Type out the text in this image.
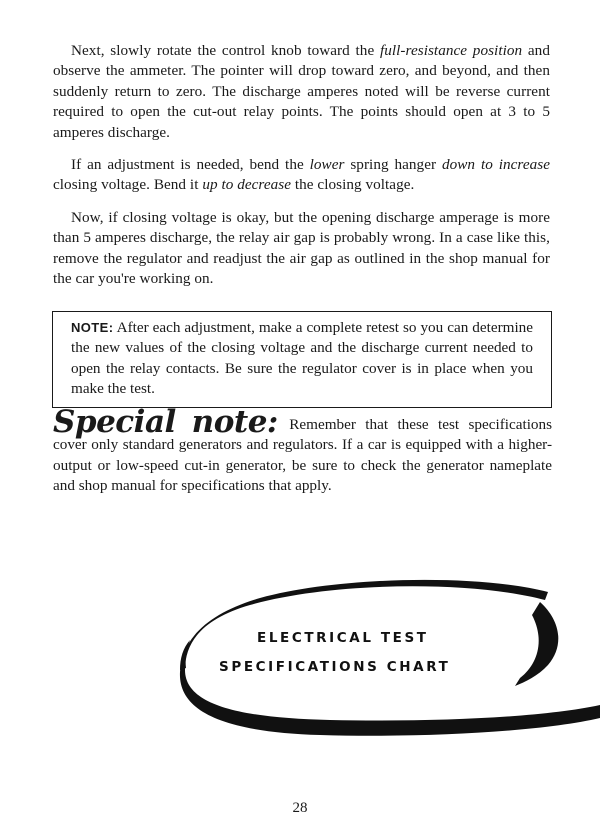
Next, slowly rotate the control knob toward the full-resistance position and observe the ammeter. The pointer will drop toward zero, and beyond, and then suddenly return to zero. The discharge amperes noted will be reverse current required to open the cut-out relay points. The points should open at 3 to 5 amperes discharge.

If an adjustment is needed, bend the lower spring hanger down to increase closing voltage. Bend it up to decrease the closing voltage.

Now, if closing voltage is okay, but the opening discharge amperage is more than 5 amperes discharge, the relay air gap is probably wrong. In a case like this, remove the regulator and readjust the air gap as outlined in the shop manual for the car you're working on.

NOTE: After each adjustment, make a complete retest so you can determine the new values of the closing voltage and the discharge current needed to open the relay contacts. Be sure the regulator cover is in place when you make the test.

Special note: Remember that these test specifications cover only standard generators and regulators. If a car is equipped with a higher-output or low-speed cut-in generator, be sure to check the generator nameplate and shop manual for specifications that apply.

ELECTRICAL TEST
SPECIFICATIONS CHART
28
